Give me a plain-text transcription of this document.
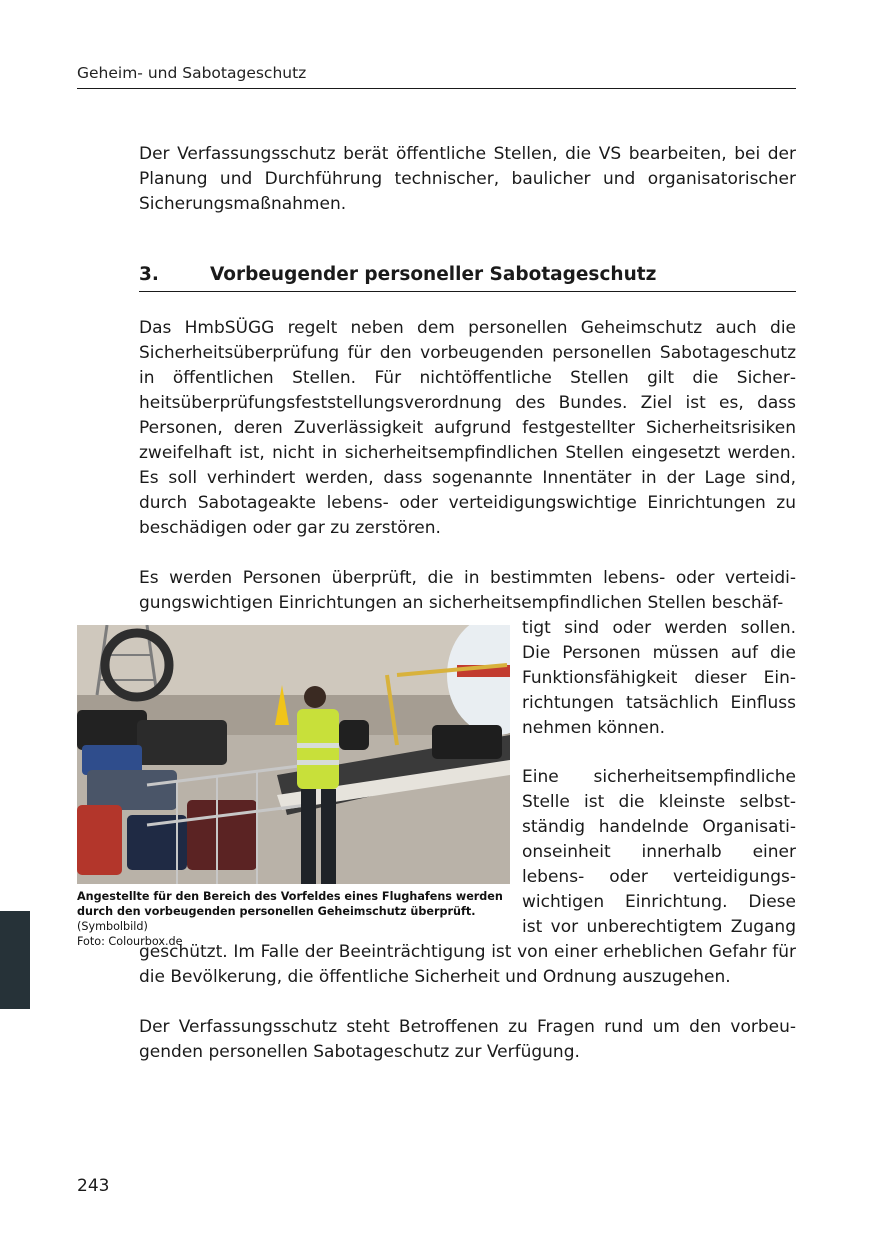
Geheim- und Sabotageschutz

Der Verfassungsschutz berät öffentliche Stellen, die VS bearbeiten, bei der Planung und Durchführung technischer, baulicher und organisatorischer Sicherungsmaßnahmen.

3.	Vorbeugender personeller Sabotageschutz

Das HmbSÜGG regelt neben dem personellen Geheimschutz auch die Sicherheitsüberprüfung für den vorbeugenden personellen Sabotageschutz in öffentlichen Stellen. Für nichtöffentliche Stellen gilt die Sicherheitsüberprüfungsfeststellungsverordnung des Bundes. Ziel ist es, dass Personen, deren Zuverlässigkeit aufgrund festgestellter Sicherheitsrisiken zweifelhaft ist, nicht in sicherheitsempfindlichen Stellen eingesetzt werden. Es soll verhindert werden, dass sogenannte Innentäter in der Lage sind, durch Sabotageakte lebens- oder verteidigungswichtige Einrichtungen zu beschädigen oder gar zu zerstören.

Es werden Personen überprüft, die in bestimmten lebens- oder verteidigungswichtigen Einrichtungen an sicherheitsempfindlichen Stellen beschäf-

tigt sind oder werden sollen.
Die Personen müssen auf die
Funktionsfähigkeit dieser Ein-
richtungen tatsächlich Einfluss
nehmen können.
Eine sicherheitsempfindliche
Stelle ist die kleinste selbst-
ständig handelnde Organisati-
onseinheit innerhalb einer
lebens- oder verteidigungs-
wichtigen Einrichtung. Diese
ist vor unberechtigtem Zugang

geschützt. Im Falle der Beeinträchtigung ist von einer erheblichen Gefahr für die Bevölkerung, die öffentliche Sicherheit und Ordnung auszugehen.

Der Verfassungsschutz steht Betroffenen zu Fragen rund um den vorbeugenden personellen Sabotageschutz zur Verfügung.

Angestellte für den Bereich des Vorfeldes eines Flughafens werden durch den vorbeugenden personellen Geheimschutz überprüft. (Symbolbild)
Foto: Colourbox.de
243
